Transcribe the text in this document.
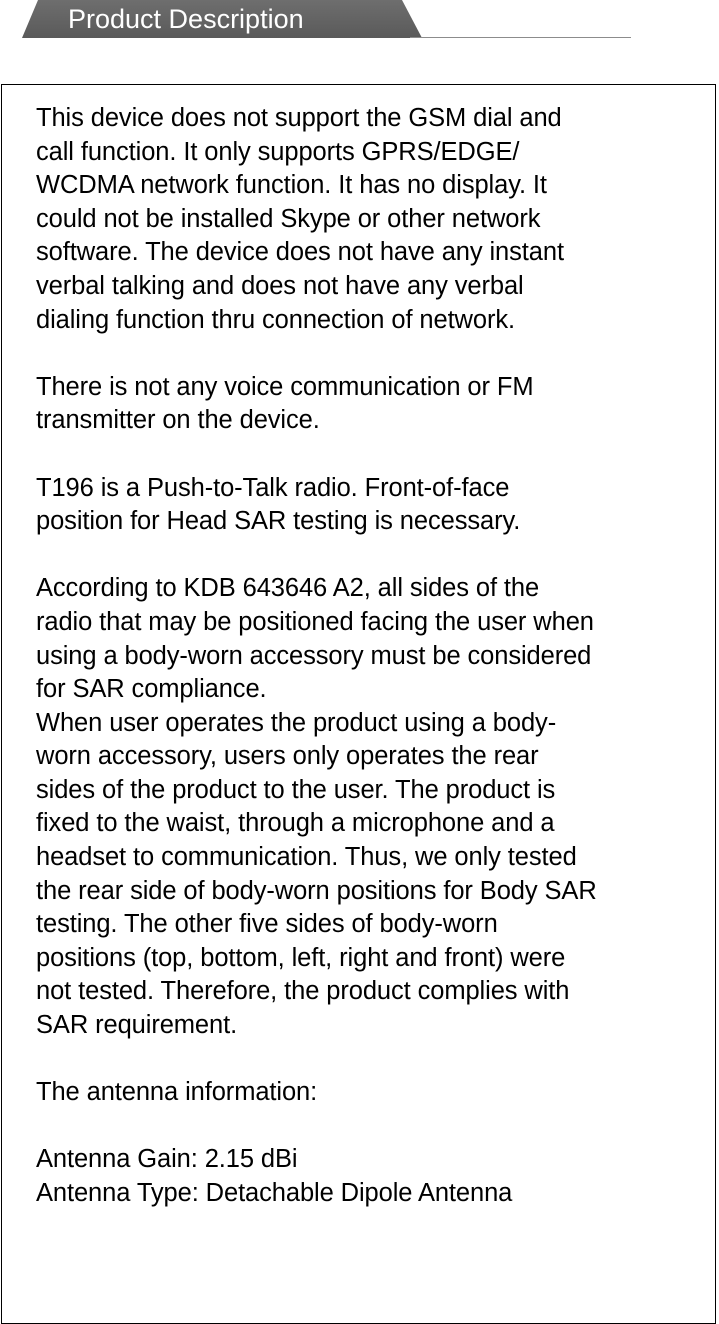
Product Description

This device does not support the GSM dial and
call function. It only supports GPRS/EDGE/
WCDMA network function. It has no display. It
could not be installed Skype or other network
software. The device does not have any instant
verbal talking and does not have any verbal
dialing function thru connection of network.

There is not any voice communication or FM
transmitter on the device.

T196 is a Push-to-Talk radio. Front-of-face
position for Head SAR testing is necessary.

According to KDB 643646 A2, all sides of the
radio that may be positioned facing the user when
using a body-worn accessory must be considered
for SAR compliance.

When user operates the product using a body-
worn accessory, users only operates the rear
sides of the product to the user. The product is
fixed to the waist, through a microphone and a
headset to communication. Thus, we only tested
the rear side of body-worn positions for Body SAR
testing. The other five sides of body-worn
positions (top, bottom, left, right and front) were
not tested. Therefore, the product complies with
SAR requirement.

The antenna information:

Antenna Gain: 2.15 dBi

Antenna Type: Detachable Dipole Antenna
